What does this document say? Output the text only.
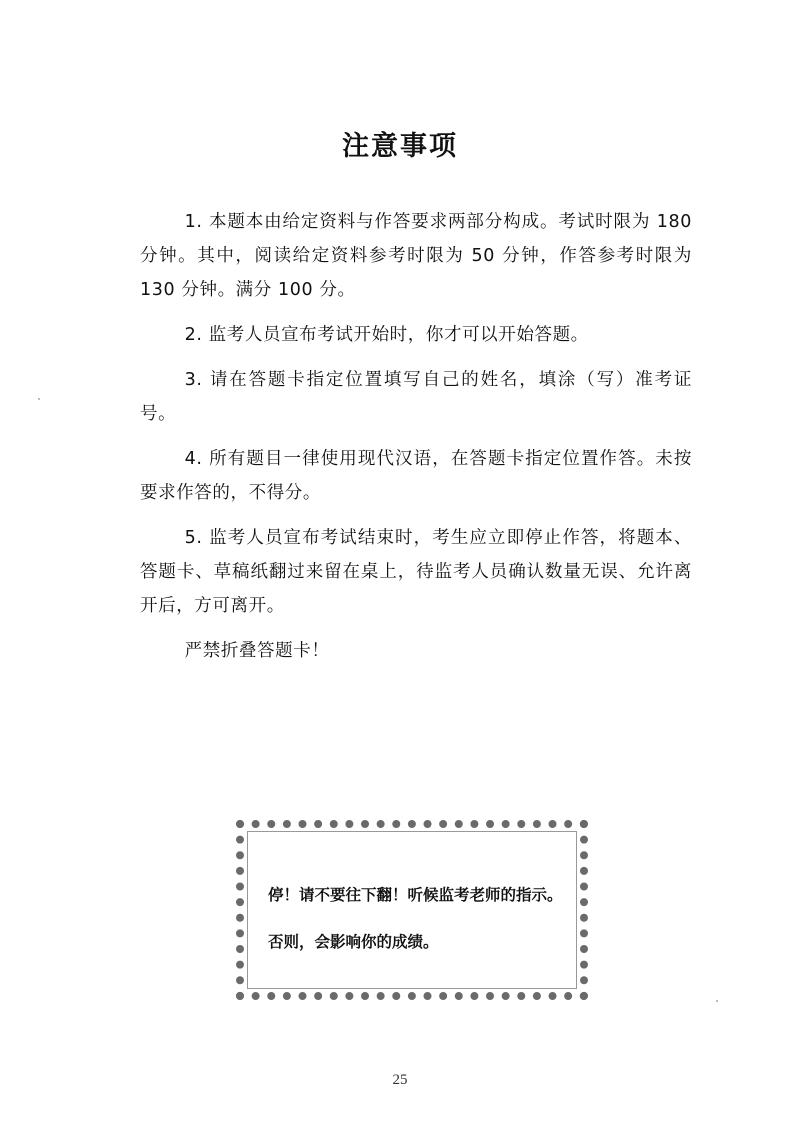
注意事项

1. 本题本由给定资料与作答要求两部分构成。考试时限为 180 分钟。其中，阅读给定资料参考时限为 50 分钟，作答参考时限为 130 分钟。满分 100 分。

2. 监考人员宣布考试开始时，你才可以开始答题。

3. 请在答题卡指定位置填写自己的姓名，填涂（写）准考证号。

4. 所有题目一律使用现代汉语，在答题卡指定位置作答。未按要求作答的，不得分。

5. 监考人员宣布考试结束时，考生应立即停止作答，将题本、答题卡、草稿纸翻过来留在桌上，待监考人员确认数量无误、允许离开后，方可离开。

严禁折叠答题卡！

停！请不要往下翻！听候监考老师的指示。
否则，会影响你的成绩。
25
